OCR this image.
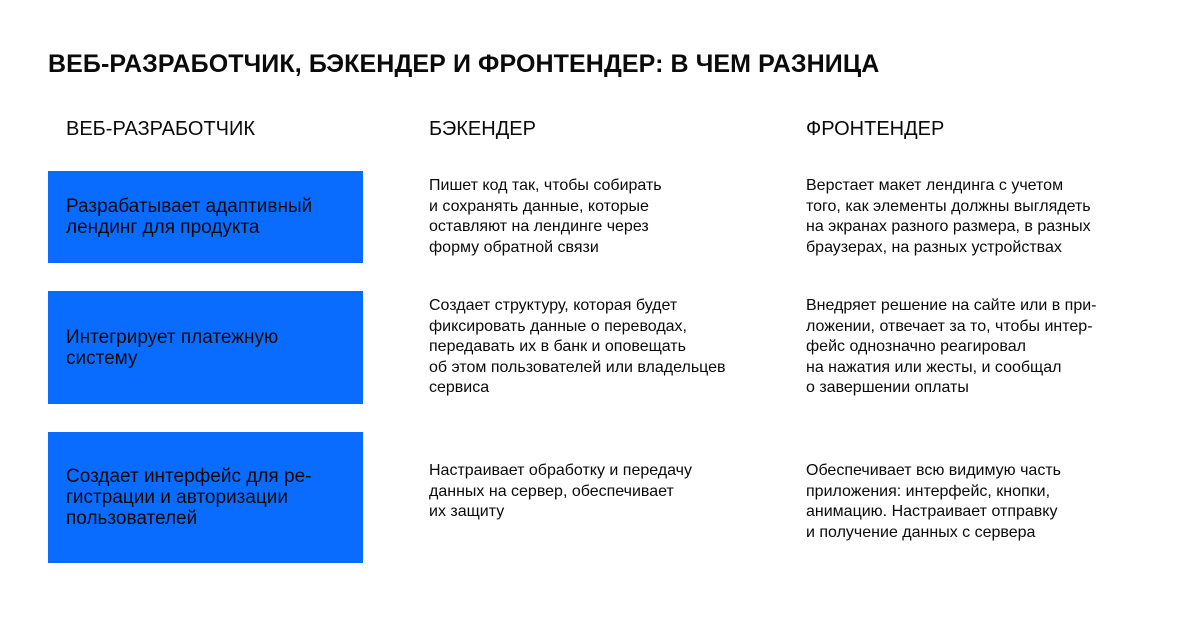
ВЕБ-РАЗРАБОТЧИК, БЭКЕНДЕР И ФРОНТЕНДЕР: В ЧЕМ РАЗНИЦА
ВЕБ-РАЗРАБОТЧИК	БЭКЕНДЕР	ФРОНТЕНДЕР
Разрабатывает адаптивный
лендинг для продукта
Пишет код так, чтобы собирать
и сохранять данные, которые
оставляют на лендинге через
форму обратной связи
Верстает макет лендинга с учетом
того, как элементы должны выглядеть
на экранах разного размера, в разных
браузерах, на разных устройствах
Интегрирует платежную
систему
Создает структуру, которая будет
фиксировать данные о переводах,
передавать их в банк и оповещать
об этом пользователей или владельцев
сервиса
Внедряет решение на сайте или в при-
ложении, отвечает за то, чтобы интер-
фейс однозначно реагировал
на нажатия или жесты, и сообщал
о завершении оплаты
Создает интерфейс для ре-
гистрации и авторизации
пользователей
Настраивает обработку и передачу
данных на сервер, обеспечивает
их защиту
Обеспечивает всю видимую часть
приложения: интерфейс, кнопки,
анимацию. Настраивает отправку
и получение данных с сервера
